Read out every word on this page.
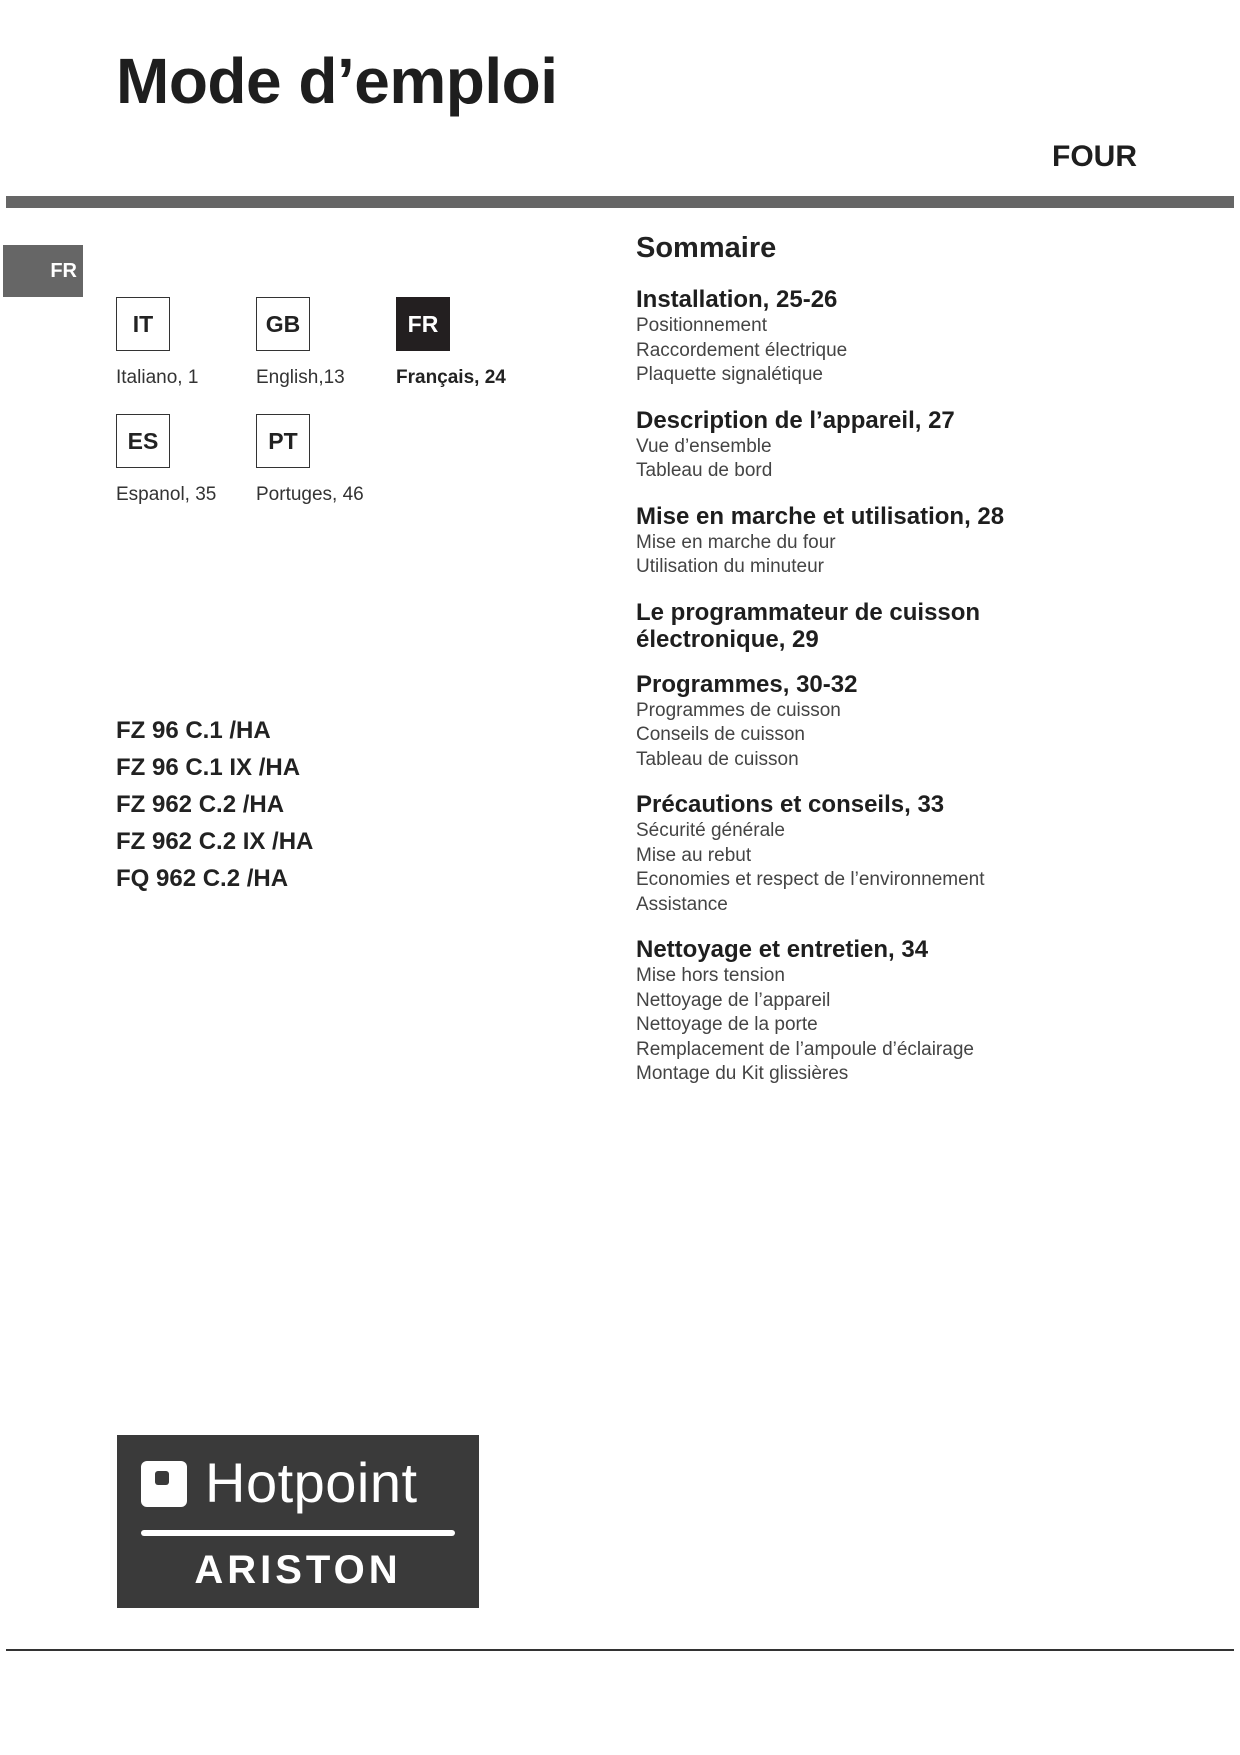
Mode d’emploi
FOUR
FR
IT
Italiano, 1
GB
English,13
FR
Français, 24
ES
Espanol, 35
PT
Portuges, 46
FZ 96 C.1 /HA
FZ 96 C.1 IX /HA
FZ 962 C.2 /HA
FZ 962 C.2 IX /HA
FQ 962 C.2 /HA
Sommaire
Installation, 25-26
Positionnement
Raccordement électrique
Plaquette signalétique
Description de l’appareil, 27
Vue d’ensemble
Tableau de bord
Mise en marche et utilisation, 28
Mise en marche du four
Utilisation du minuteur
Le programmateur de cuisson
électronique, 29
Programmes, 30-32
Programmes de cuisson
Conseils de cuisson
Tableau de cuisson
Précautions et conseils, 33
Sécurité générale
Mise au rebut
Economies et respect de l’environnement
Assistance
Nettoyage et entretien, 34
Mise hors tension
Nettoyage de l’appareil
Nettoyage de la porte
Remplacement de l’ampoule d’éclairage
Montage du Kit glissières
Hotpoint
ARISTON
